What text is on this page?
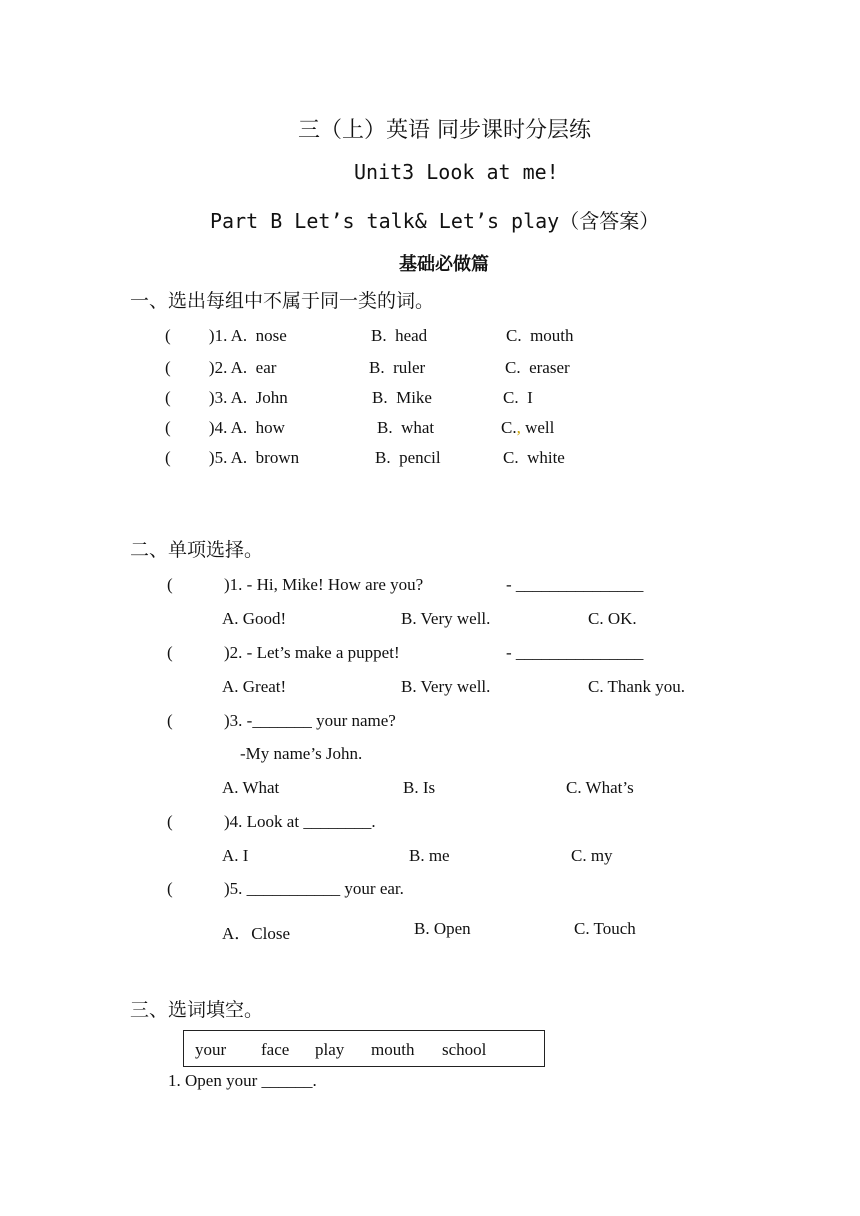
三（上）英语 同步课时分层练
Unit3 Look at me!
Part B Let’s talk& Let’s play（含答案）
基础必做篇
一、选出每组中不属于同一类的词。
(         )1. A.  nose	B.  head	C.  mouth
(         )2. A.  ear	B.  ruler	C.  eraser
(         )3. A.  John	B.  Mike	C.  I
(         )4. A.  how	B.  what	C., well
(         )5. A.  brown	B.  pencil	C.  white
二、单项选择。
(	)1. - Hi, Mike! How are you?	- _______________
A. Good!	B. Very well.	C. OK.
(	)2. - Let’s make a puppet!	- _______________
A. Great!	B. Very well.	C. Thank you.
(	)3. -_______ your name?
-My name’s John.
A. What	B. Is	C. What’s
(	)4. Look at ________.
A. I	B. me	C. my
(	)5. ___________ your ear.
A．Close	B. Open	C. Touch
三、选词填空。
your face play mouth school
1. Open your ______.
